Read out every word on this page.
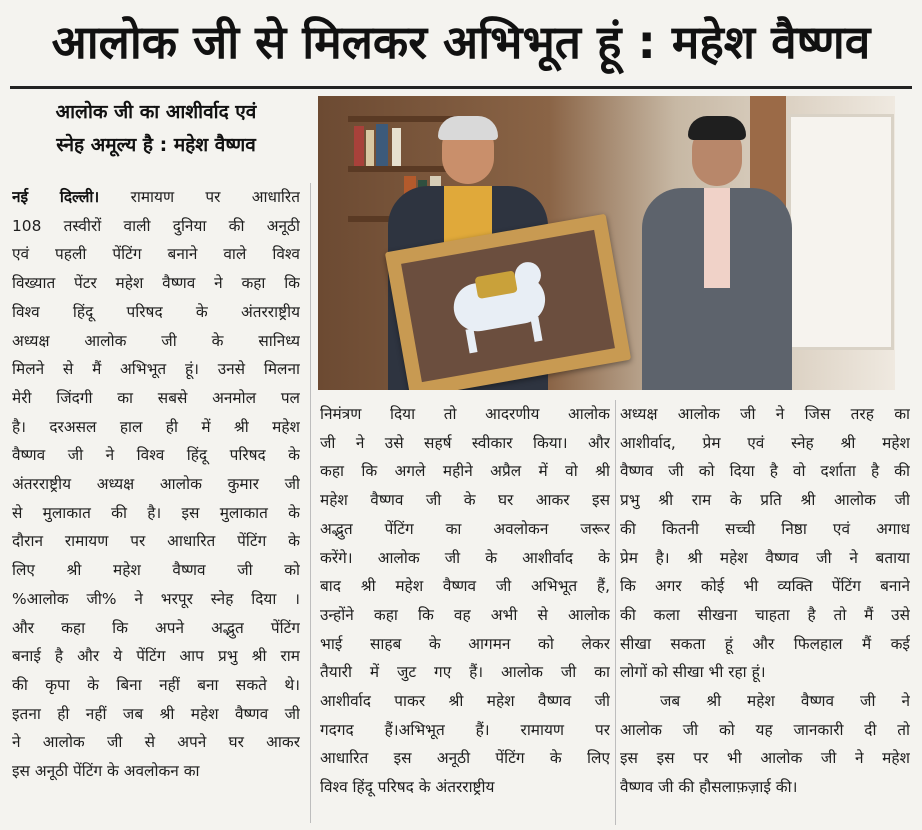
आलोक जी से मिलकर अभिभूत हूं : महेश वैष्णव
आलोक जी का आशीर्वाद एवं
स्नेह अमूल्य है : महेश वैष्णव
नई दिल्ली। रामायण पर आधारित
108 तस्वीरों वाली दुनिया की अनूठी
एवं पहली पेंटिंग बनाने वाले विश्व
विख्यात पेंटर महेश वैष्णव ने कहा कि
विश्व हिंदू परिषद के अंतरराष्ट्रीय
अध्यक्ष आलोक जी के सानिध्य
मिलने से मैं अभिभूत हूं। उनसे मिलना
मेरी जिंदगी का सबसे अनमोल पल
है। दरअसल हाल ही में श्री महेश
वैष्णव जी ने विश्व हिंदू परिषद के
अंतरराष्ट्रीय अध्यक्ष आलोक कुमार जी
से मुलाकात की है। इस मुलाकात के
दौरान रामायण पर आधारित पेंटिंग के
लिए श्री महेश वैष्णव जी को
%आलोक जी% ने भरपूर स्नेह दिया ।
और कहा कि अपने अद्भुत पेंटिंग
बनाई है और ये पेंटिंग आप प्रभु श्री राम
की कृपा के बिना नहीं बना सकते थे।
इतना ही नहीं जब श्री महेश वैष्णव जी
ने आलोक जी से अपने घर आकर
इस अनूठी पेंटिंग के अवलोकन का
निमंत्रण दिया तो आदरणीय आलोक
जी ने उसे सहर्ष स्वीकार किया। और
कहा कि अगले महीने अप्रैल में वो श्री
महेश वैष्णव जी के घर आकर इस
अद्भुत पेंटिंग का अवलोकन जरूर
करेंगे। आलोक जी के आशीर्वाद के
बाद श्री महेश वैष्णव जी अभिभूत हैं,
उन्होंने कहा कि वह अभी से आलोक
भाई साहब के आगमन को लेकर
तैयारी में जुट गए हैं। आलोक जी का
आशीर्वाद पाकर श्री महेश वैष्णव जी
गदगद हैं।अभिभूत हैं। रामायण पर
आधारित इस अनूठी पेंटिंग के लिए
विश्व हिंदू परिषद के अंतरराष्ट्रीय
अध्यक्ष आलोक जी ने जिस तरह का
आशीर्वाद, प्रेम एवं स्नेह श्री महेश
वैष्णव जी को दिया है वो दर्शाता है की
प्रभु श्री राम के प्रति श्री आलोक जी
की कितनी सच्ची निष्ठा एवं अगाध
प्रेम है। श्री महेश वैष्णव जी ने बताया
कि अगर कोई भी व्यक्ति पेंटिंग बनाने
की कला सीखना चाहता है तो मैं उसे
सीखा सकता हूं और फिलहाल मैं कई
लोगों को सीखा भी रहा हूं।
जब श्री महेश वैष्णव जी ने
आलोक जी को यह जानकारी दी तो
इस इस पर भी आलोक जी ने महेश
वैष्णव जी की हौसलाफ़ज़ाई की।
